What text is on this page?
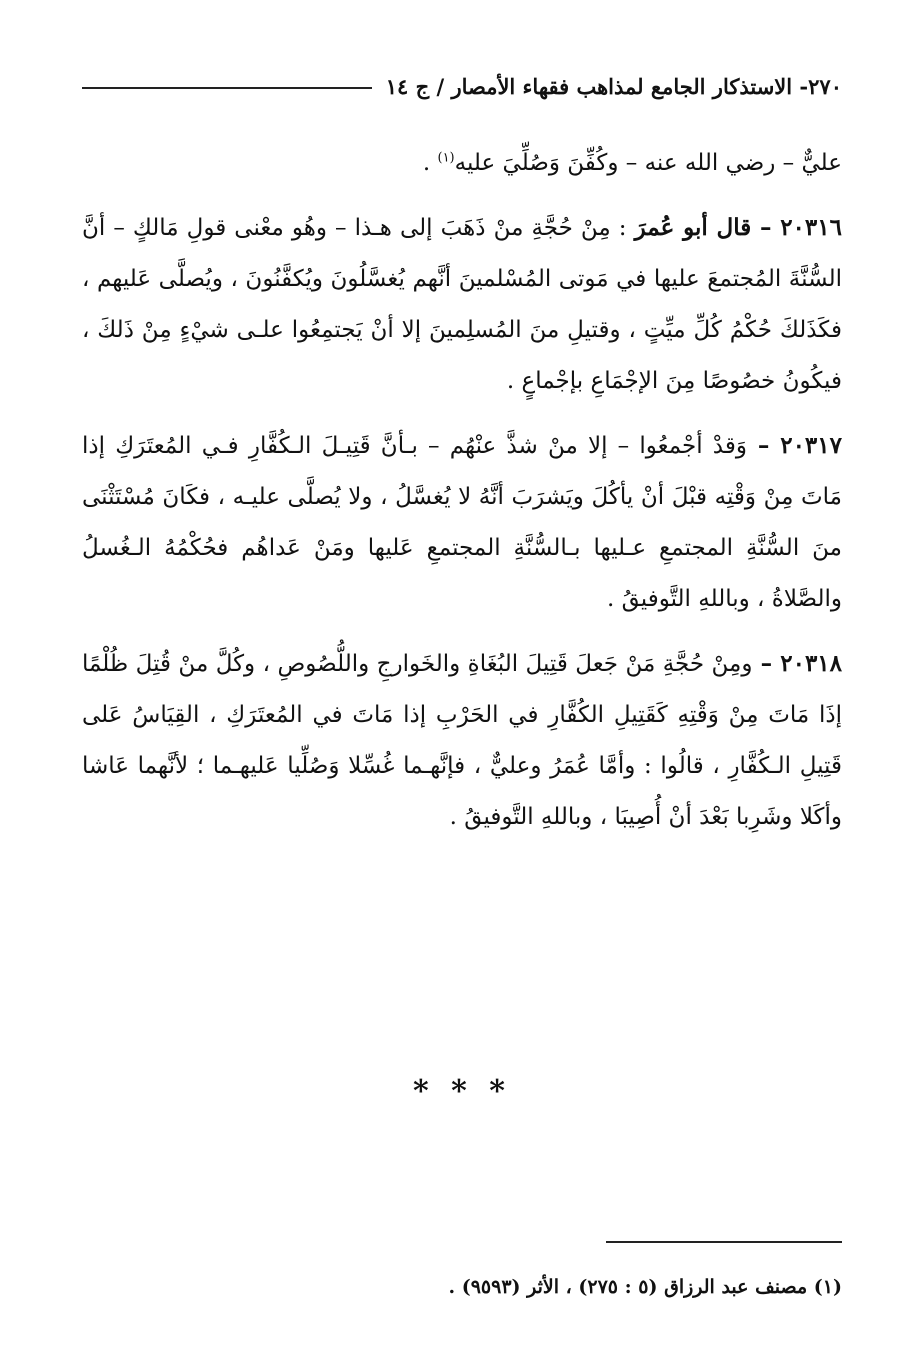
٢٧٠- الاستذكار الجامع لمذاهب فقهاء الأمصار / ج ١٤

عليٌّ – رضي الله عنه – وكُفِّنَ وَصُلِّيَ عليه$^{(١)}$ .

٢٠٣١٦ – قال أبو عُمرَ : مِنْ حُجَّةِ منْ ذَهَبَ إلى هـذا – وهُو معْنى قولِ مَالكٍ – أنَّ السُّنَّةَ المُجتمعَ عليها في مَوتى المُسْلمينَ أنَّهم يُغسَّلُونَ ويُكفَّنُونَ ، ويُصلَّى عَليهم ، فكَذَلكَ حُكْمُ كُلِّ ميِّتٍ ، وقتيلِ منَ المُسلِمينَ إلا أنْ يَجتمِعُوا علـى شيْءٍ مِنْ ذَلكَ ، فيكُونُ خصُوصًا مِنَ الإجْمَاعِ بإجْماعٍ .

٢٠٣١٧ – وَقدْ أجْمعُوا – إلا منْ شذَّ عنْهُم – بـأنَّ قَتِيـلَ الـكُفَّارِ فـي المُعتَرَكِ إذا مَاتَ مِنْ وَقْتِه قبْلَ أنْ يأكُلَ ويَشرَبَ أنَّهُ لا يُغسَّلُ ، ولا يُصلَّى عليـه ، فكَانَ مُسْتَثْنَى منَ السُّنَّةِ المجتمعِ عـليها بـالسُّنَّةِ المجتمعِ عَليها ومَنْ عَداهُم فحُكْمُهُ الـغُسلُ والصَّلاةُ ، وباللهِ التَّوفيقُ .

٢٠٣١٨ – ومِنْ حُجَّةِ مَنْ جَعلَ قَتِيلَ البُغَاةِ والخَوارجِ واللُّصُوصِ ، وكُلَّ منْ قُتِلَ ظُلْمًا إذَا مَاتَ مِنْ وَقْتِهِ كَقَتِيلِ الكُفَّارِ في الحَرْبِ إذا مَاتَ في المُعتَرَكِ ، القِيَاسُ عَلى قَتِيلِ الـكُفَّارِ ، قالُوا : وأمَّا عُمَرُ وعليٌّ ، فإنَّهـما غُسِّلا وَصُلِّيا عَليهـما ؛ لأنَّهما عَاشا وأكَلا وشَرِبا بَعْدَ أنْ أُصِيبَا ، وباللهِ التَّوفيقُ .

* * *
(١) مصنف عبد الرزاق (٥ : ٢٧٥) ، الأثر (٩٥٩٣) .
